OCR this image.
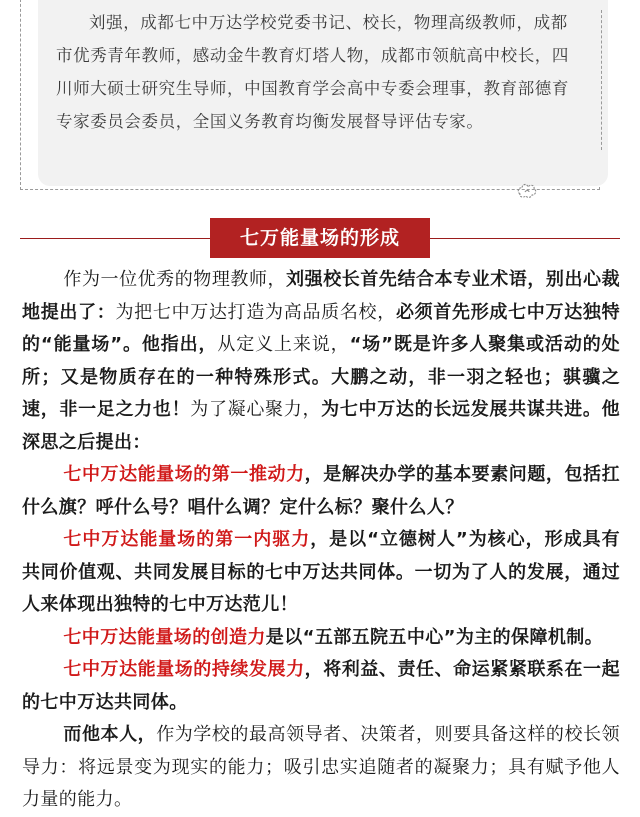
刘强，成都七中万达学校党委书记、校长，物理高级教师，成都市优秀青年教师，感动金牛教育灯塔人物，成都市领航高中校长，四川师大硕士研究生导师，中国教育学会高中专委会理事，教育部德育专家委员会委员，全国义务教育均衡发展督导评估专家。

七万能量场的形成

作为一位优秀的物理教师，刘强校长首先结合本专业术语，别出心裁地提出了：为把七中万达打造为高品质名校，必须首先形成七中万达独特的“能量场”。他指出，从定义上来说，“场”既是许多人聚集或活动的处所；又是物质存在的一种特殊形式。大鹏之动，非一羽之轻也；骐骥之速，非一足之力也！为了凝心聚力，为七中万达的长远发展共谋共进。他深思之后提出：

七中万达能量场的第一推动力，是解决办学的基本要素问题，包括扛什么旗？呼什么号？唱什么调？定什么标？聚什么人？

七中万达能量场的第一内驱力，是以“立德树人”为核心，形成具有共同价值观、共同发展目标的七中万达共同体。一切为了人的发展，通过人来体现出独特的七中万达范儿！

七中万达能量场的创造力是以“五部五院五中心”为主的保障机制。

七中万达能量场的持续发展力，将利益、责任、命运紧紧联系在一起的七中万达共同体。

而他本人，作为学校的最高领导者、决策者，则要具备这样的校长领导力：将远景变为现实的能力；吸引忠实追随者的凝聚力；具有赋予他人力量的能力。
